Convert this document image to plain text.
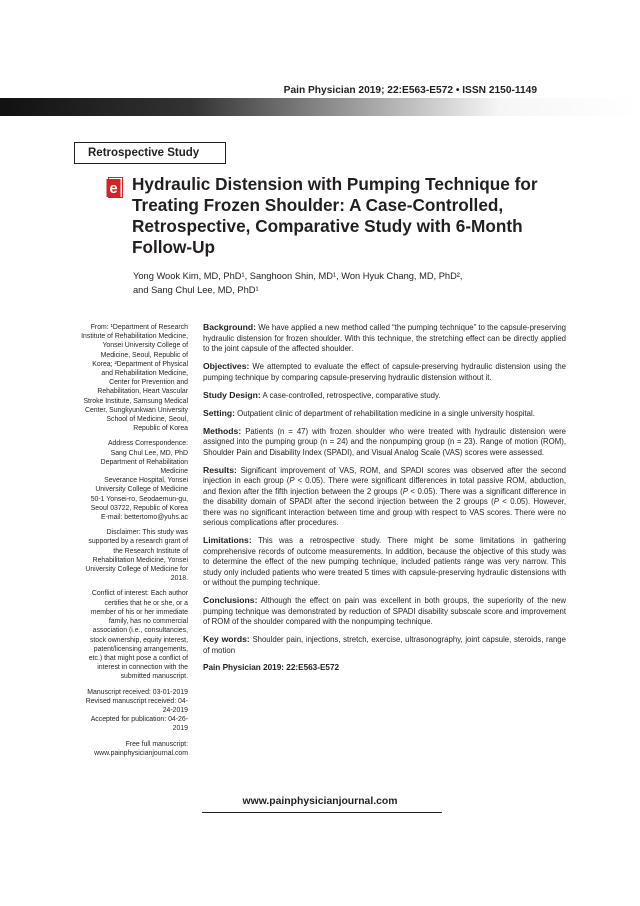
Pain Physician 2019; 22:E563-E572 • ISSN 2150-1149
Retrospective Study
e Hydraulic Distension with Pumping Technique for Treating Frozen Shoulder: A Case-Controlled, Retrospective, Comparative Study with 6-Month Follow-Up
Yong Wook Kim, MD, PhD¹, Sanghoon Shin, MD¹, Won Hyuk Chang, MD, PhD²,
and Sang Chul Lee, MD, PhD¹

From: ¹Department of Research Institute of Rehabilitation Medicine, Yonsei University College of Medicine, Seoul, Republic of Korea; ²Department of Physical and Rehabilitation Medicine, Center for Prevention and Rehabilitation, Heart Vascular Stroke Institute, Samsung Medical Center, Sungkyunkwan University School of Medicine, Seoul, Republic of Korea

Address Correspondence:
Sang Chul Lee, MD, PhD
Department of Rehabilitation Medicine
Severance Hospital, Yonsei University College of Medicine
50-1 Yonsei-ro, Seodaemun-gu, Seoul 03722, Republic of Korea
E-mail: bettertomo@yuhs.ac

Disclaimer: This study was supported by a research grant of the Research Institute of Rehabilitation Medicine, Yonsei University College of Medicine for 2018.

Conflict of interest: Each author certifies that he or she, or a member of his or her immediate family, has no commercial association (i.e., consultancies, stock ownership, equity interest, patent/licensing arrangements, etc.) that might pose a conflict of interest in connection with the submitted manuscript.

Manuscript received: 03-01-2019
Revised manuscript received: 04-24-2019
Accepted for publication: 04-26-2019

Free full manuscript:
www.painphysicianjournal.com

Background: We have applied a new method called “the pumping technique” to the capsule-preserving hydraulic distension for frozen shoulder. With this technique, the stretching effect can be directly applied to the joint capsule of the affected shoulder.

Objectives: We attempted to evaluate the effect of capsule-preserving hydraulic distension using the pumping technique by comparing capsule-preserving hydraulic distension without it.

Study Design: A case-controlled, retrospective, comparative study.

Setting: Outpatient clinic of department of rehabilitation medicine in a single university hospital.

Methods: Patients (n = 47) with frozen shoulder who were treated with hydraulic distension were assigned into the pumping group (n = 24) and the nonpumping group (n = 23). Range of motion (ROM), Shoulder Pain and Disability Index (SPADI), and Visual Analog Scale (VAS) scores were assessed.

Results: Significant improvement of VAS, ROM, and SPADI scores was observed after the second injection in each group (P < 0.05). There were significant differences in total passive ROM, abduction, and flexion after the fifth injection between the 2 groups (P < 0.05). There was a significant difference in the disability domain of SPADI after the second injection between the 2 groups (P < 0.05). However, there was no significant interaction between time and group with respect to VAS scores. There were no serious complications after procedures.

Limitations: This was a retrospective study. There might be some limitations in gathering comprehensive records of outcome measurements. In addition, because the objective of this study was to determine the effect of the new pumping technique, included patients range was very narrow. This study only included patients who were treated 5 times with capsule-preserving hydraulic distensions with or without the pumping technique.

Conclusions: Although the effect on pain was excellent in both groups, the superiority of the new pumping technique was demonstrated by reduction of SPADI disability subscale score and improvement of ROM of the shoulder compared with the nonpumping technique.

Key words: Shoulder pain, injections, stretch, exercise, ultrasonography, joint capsule, steroids, range of motion

Pain Physician 2019: 22:E563-E572

www.painphysicianjournal.com
